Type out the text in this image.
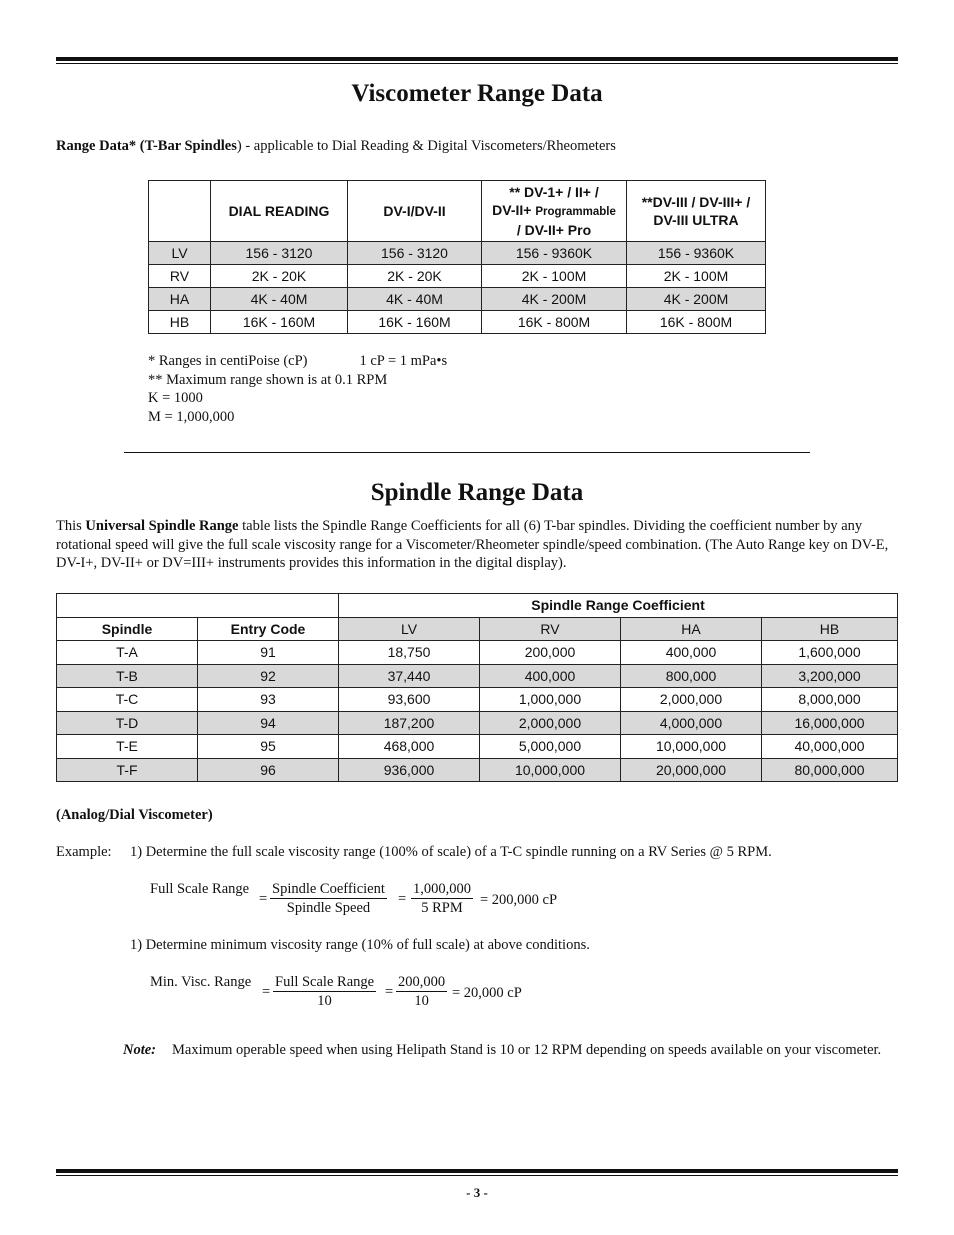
Viscometer Range Data
Range Data* (T-Bar Spindles) - applicable to Dial Reading & Digital Viscometers/Rheometers
	DIAL READING	DV-I/DV-II	** DV-1+ / II+ /
DV-II+ Programmable
/ DV-II+ Pro	**DV-III / DV-III+ /
DV-III ULTRA
LV	156 - 3120	156 - 3120	156 - 9360K	156 - 9360K
RV	2K - 20K	2K - 20K	2K - 100M	2K - 100M
HA	4K - 40M	4K - 40M	4K - 200M	4K - 200M
HB	16K - 160M	16K - 160M	16K - 800M	16K - 800M
* Ranges in centiPoise (cP)	1 cP = 1 mPa•s
** Maximum range shown is at 0.1 RPM
K = 1000
M = 1,000,000
Spindle Range Data
This Universal Spindle Range table lists the Spindle Range Coefficients for all (6) T-bar spindles. Dividing the coefficient number by any rotational speed will give the full scale viscosity range for a Viscometer/Rheometer spindle/speed combination. (The Auto Range key on DV-E, DV-I+, DV-II+ or DV=III+ instruments provides this information in the digital display).
		Spindle Range Coefficient			
Spindle	Entry Code	LV	RV	HA	HB
T-A	91	18,750	200,000	400,000	1,600,000
T-B	92	37,440	400,000	800,000	3,200,000
T-C	93	93,600	1,000,000	2,000,000	8,000,000
T-D	94	187,200	2,000,000	4,000,000	16,000,000
T-E	95	468,000	5,000,000	10,000,000	40,000,000
T-F	96	936,000	10,000,000	20,000,000	80,000,000
(Analog/Dial Viscometer)
Example: 1) Determine the full scale viscosity range (100% of scale) of a T-C spindle running on a RV Series @ 5 RPM.
Full Scale Range
=
Spindle Coefficient
Spindle Speed
=
1,000,000
5 RPM	= 200,000 cP
1) Determine minimum viscosity range (10% of full scale) at above conditions.
Min. Visc. Range
=
Full Scale Range
10
= $\frac{200,000}{10} = 20,000$ cP
Note: Maximum operable speed when using Helipath Stand is 10 or 12 RPM depending on speeds available on your viscometer.
- 3 -
